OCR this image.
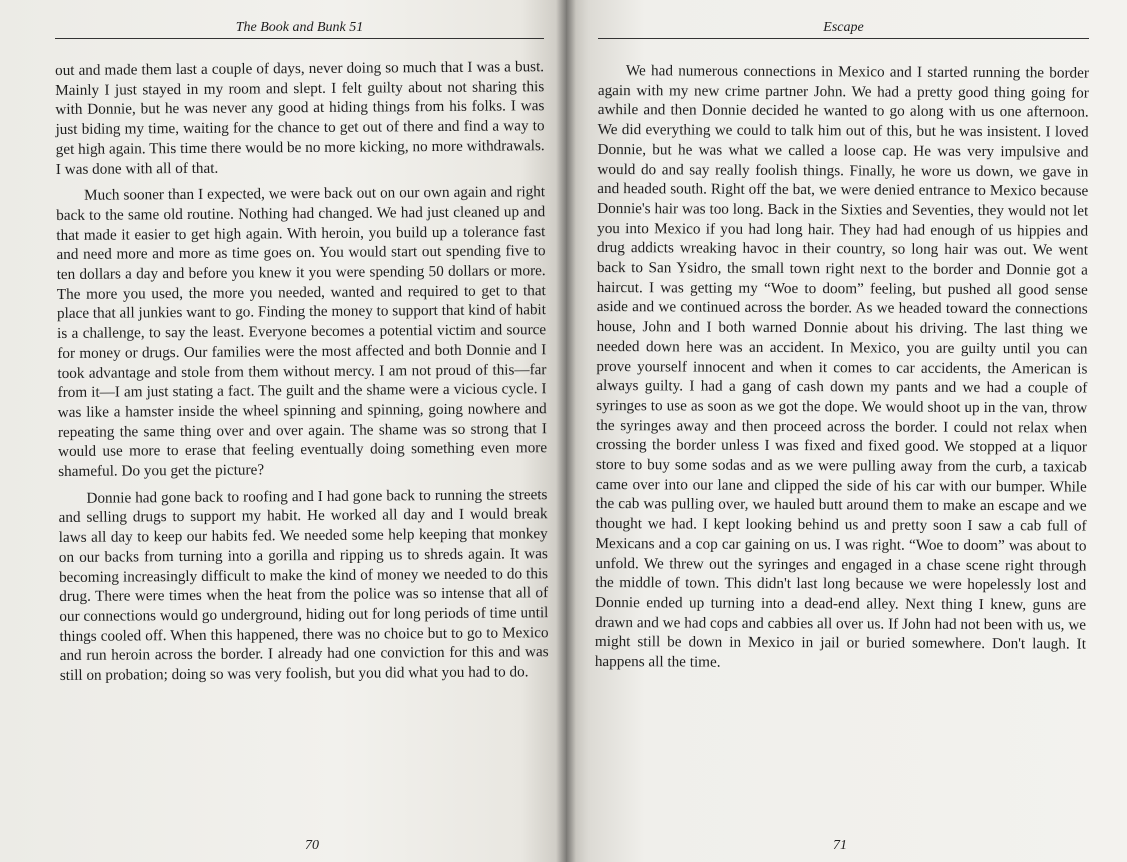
The Book and Bunk 51

out and made them last a couple of days, never doing so much that I was a bust. Mainly I just stayed in my room and slept. I felt guilty about not sharing this with Donnie, but he was never any good at hiding things from his folks. I was just biding my time, waiting for the chance to get out of there and find a way to get high again. This time there would be no more kicking, no more withdrawals. I was done with all of that.

Much sooner than I expected, we were back out on our own again and right back to the same old routine. Nothing had changed. We had just cleaned up and that made it easier to get high again. With heroin, you build up a tolerance fast and need more and more as time goes on. You would start out spending five to ten dollars a day and before you knew it you were spending 50 dollars or more. The more you used, the more you needed, wanted and required to get to that place that all junkies want to go. Finding the money to support that kind of habit is a challenge, to say the least. Everyone becomes a potential victim and source for money or drugs. Our families were the most affected and both Donnie and I took advantage and stole from them without mercy. I am not proud of this—far from it—I am just stating a fact. The guilt and the shame were a vicious cycle. I was like a hamster inside the wheel spinning and spinning, going nowhere and repeating the same thing over and over again. The shame was so strong that I would use more to erase that feeling eventually doing something even more shameful. Do you get the picture?

Donnie had gone back to roofing and I had gone back to running the streets and selling drugs to support my habit. He worked all day and I would break laws all day to keep our habits fed. We needed some help keeping that monkey on our backs from turning into a gorilla and ripping us to shreds again. It was becoming increasingly difficult to make the kind of money we needed to do this drug. There were times when the heat from the police was so intense that all of our connections would go underground, hiding out for long periods of time until things cooled off. When this happened, there was no choice but to go to Mexico and run heroin across the border. I already had one conviction for this and was still on probation; doing so was very foolish, but you did what you had to do.

70
Escape

We had numerous connections in Mexico and I started running the border again with my new crime partner John. We had a pretty good thing going for awhile and then Donnie decided he wanted to go along with us one afternoon. We did everything we could to talk him out of this, but he was insistent. I loved Donnie, but he was what we called a loose cap. He was very impulsive and would do and say really foolish things. Finally, he wore us down, we gave in and headed south. Right off the bat, we were denied entrance to Mexico because Donnie's hair was too long. Back in the Sixties and Seventies, they would not let you into Mexico if you had long hair. They had had enough of us hippies and drug addicts wreaking havoc in their country, so long hair was out. We went back to San Ysidro, the small town right next to the border and Donnie got a haircut. I was getting my “Woe to doom” feeling, but pushed all good sense aside and we continued across the border. As we headed toward the connections house, John and I both warned Donnie about his driving. The last thing we needed down here was an accident. In Mexico, you are guilty until you can prove yourself innocent and when it comes to car accidents, the American is always guilty. I had a gang of cash down my pants and we had a couple of syringes to use as soon as we got the dope. We would shoot up in the van, throw the syringes away and then proceed across the border. I could not relax when crossing the border unless I was fixed and fixed good. We stopped at a liquor store to buy some sodas and as we were pulling away from the curb, a taxicab came over into our lane and clipped the side of his car with our bumper. While the cab was pulling over, we hauled butt around them to make an escape and we thought we had. I kept looking behind us and pretty soon I saw a cab full of Mexicans and a cop car gaining on us. I was right. “Woe to doom” was about to unfold. We threw out the syringes and engaged in a chase scene right through the middle of town. This didn't last long because we were hopelessly lost and Donnie ended up turning into a dead-end alley. Next thing I knew, guns are drawn and we had cops and cabbies all over us. If John had not been with us, we might still be down in Mexico in jail or buried somewhere. Don't laugh. It happens all the time.

71
